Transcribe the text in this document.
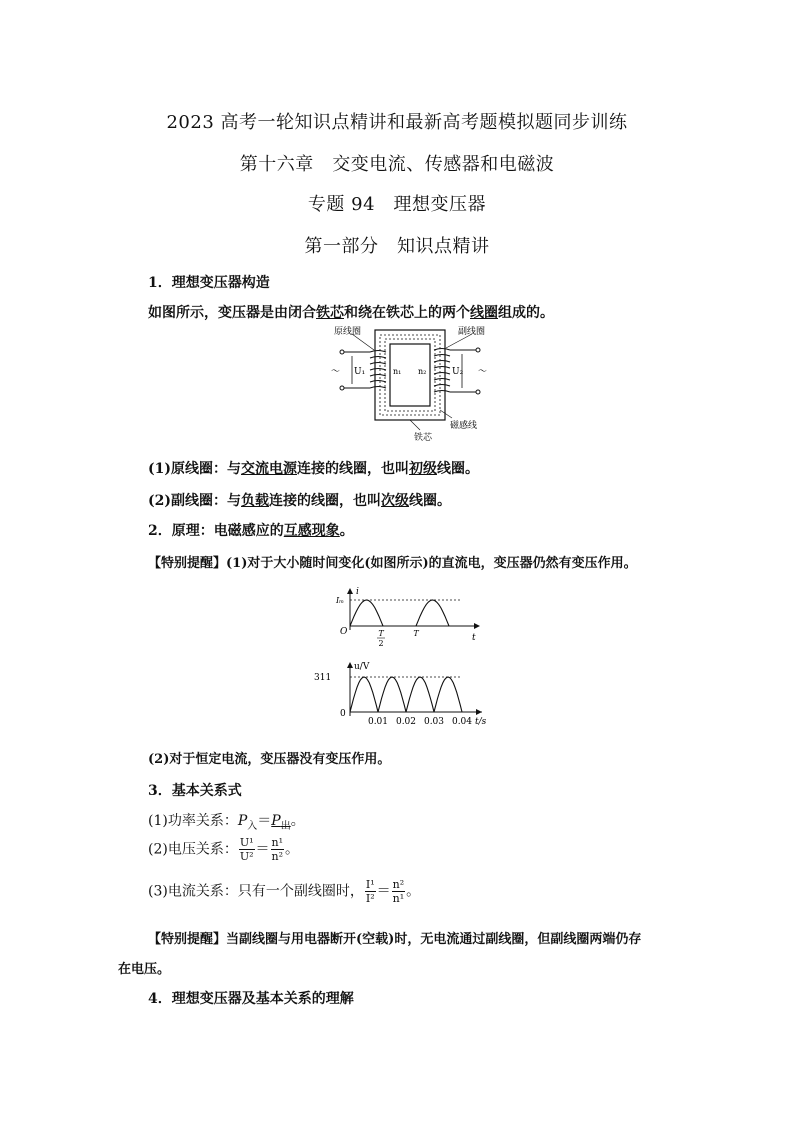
2023 高考一轮知识点精讲和最新高考题模拟题同步训练
第十六章　交变电流、传感器和电磁波
专题 94　理想变压器
第一部分　知识点精讲
1．理想变压器构造
如图所示，变压器是由闭合铁芯和绕在铁芯上的两个线圈组成的。
原线圈	副线圈
～ U₁	n₁ n₂	U₂ ～
磁感线
铁芯
(1)原线圈：与交流电源连接的线圈，也叫初级线圈。
(2)副线圈：与负载连接的线圈，也叫次级线圈。
2．原理：电磁感应的互感现象。
【特别提醒】(1)对于大小随时间变化(如图所示)的直流电，变压器仍然有变压作用。
i
t
Iₘ
O	T
2
T
u/V
311
0
0.01 0.02 0.03 0.04 t/s
(2)对于恒定电流，变压器没有变压作用。
3．基本关系式
(1)功率关系：$P_入=P_出$。
(2)电压关系： $\frac{\text{U¹}}{\text{U²}} = \frac{\text{n¹}}{\text{n²}}$ 。
(3)电流关系：只有一个副线圈时， $\frac{\text{I¹}}{\text{I²}} = \frac{\text{n²}}{\text{n¹}}$ 。
【特别提醒】当副线圈与用电器断开(空载)时，无电流通过副线圈，但副线圈两端仍存
在电压。
4．理想变压器及基本关系的理解
